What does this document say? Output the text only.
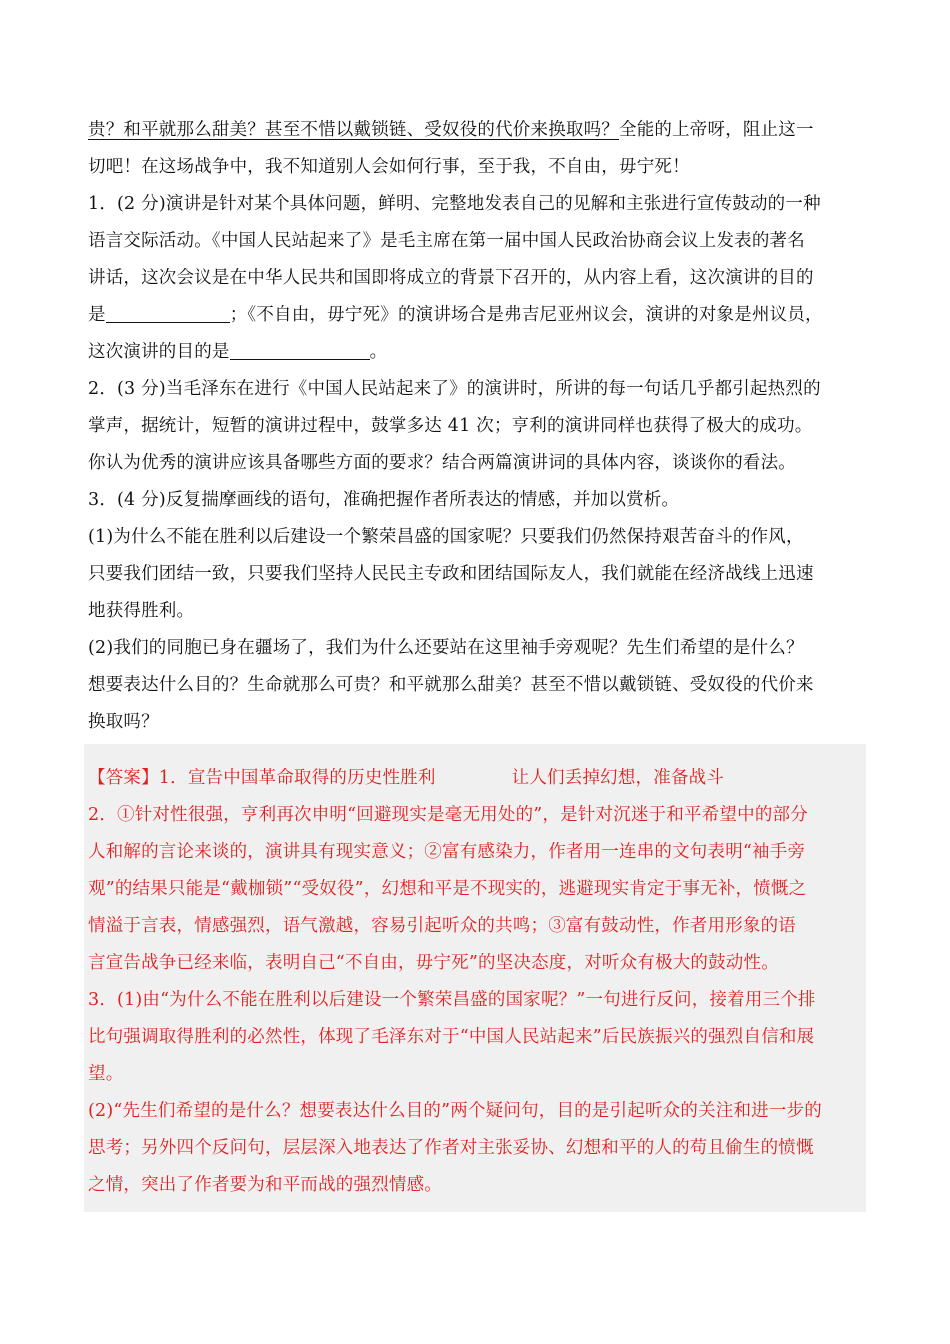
贵？和平就那么甜美？甚至不惜以戴锁链、受奴役的代价来换取吗？全能的上帝呀，阻止这一
切吧！在这场战争中，我不知道别人会如何行事，至于我，不自由，毋宁死！
1．(2 分)演讲是针对某个具体问题，鲜明、完整地发表自己的见解和主张进行宣传鼓动的一种
语言交际活动。《中国人民站起来了》是毛主席在第一届中国人民政治协商会议上发表的著名
讲话，这次会议是在中华人民共和国即将成立的背景下召开的，从内容上看，这次演讲的目的
是	；《不自由，毋宁死》的演讲场合是弗吉尼亚州议会，演讲的对象是州议员，
这次演讲的目的是	。
2．(3 分)当毛泽东在进行《中国人民站起来了》的演讲时，所讲的每一句话几乎都引起热烈的
掌声，据统计，短暂的演讲过程中，鼓掌多达 41 次；亨利的演讲同样也获得了极大的成功。
你认为优秀的演讲应该具备哪些方面的要求？结合两篇演讲词的具体内容，谈谈你的看法。
3．(4 分)反复揣摩画线的语句，准确把握作者所表达的情感，并加以赏析。
(1)为什么不能在胜利以后建设一个繁荣昌盛的国家呢？只要我们仍然保持艰苦奋斗的作风，
只要我们团结一致，只要我们坚持人民民主专政和团结国际友人，我们就能在经济战线上迅速
地获得胜利。
(2)我们的同胞已身在疆场了，我们为什么还要站在这里袖手旁观呢？先生们希望的是什么？
想要表达什么目的？生命就那么可贵？和平就那么甜美？甚至不惜以戴锁链、受奴役的代价来
换取吗？
【答案】1．宣告中国革命取得的历史性胜利	让人们丢掉幻想，准备战斗
2．①针对性很强，亨利再次申明“回避现实是毫无用处的”，是针对沉迷于和平希望中的部分
人和解的言论来谈的，演讲具有现实意义；②富有感染力，作者用一连串的文句表明“袖手旁
观”的结果只能是“戴枷锁”“受奴役”，幻想和平是不现实的，逃避现实肯定于事无补，愤慨之
情溢于言表，情感强烈，语气激越，容易引起听众的共鸣；③富有鼓动性，作者用形象的语
言宣告战争已经来临，表明自己“不自由，毋宁死”的坚决态度，对听众有极大的鼓动性。
3．(1)由“为什么不能在胜利以后建设一个繁荣昌盛的国家呢？”一句进行反问，接着用三个排
比句强调取得胜利的必然性，体现了毛泽东对于“中国人民站起来”后民族振兴的强烈自信和展
望。
(2)“先生们希望的是什么？想要表达什么目的”两个疑问句，目的是引起听众的关注和进一步的
思考；另外四个反问句，层层深入地表达了作者对主张妥协、幻想和平的人的苟且偷生的愤慨
之情，突出了作者要为和平而战的强烈情感。
